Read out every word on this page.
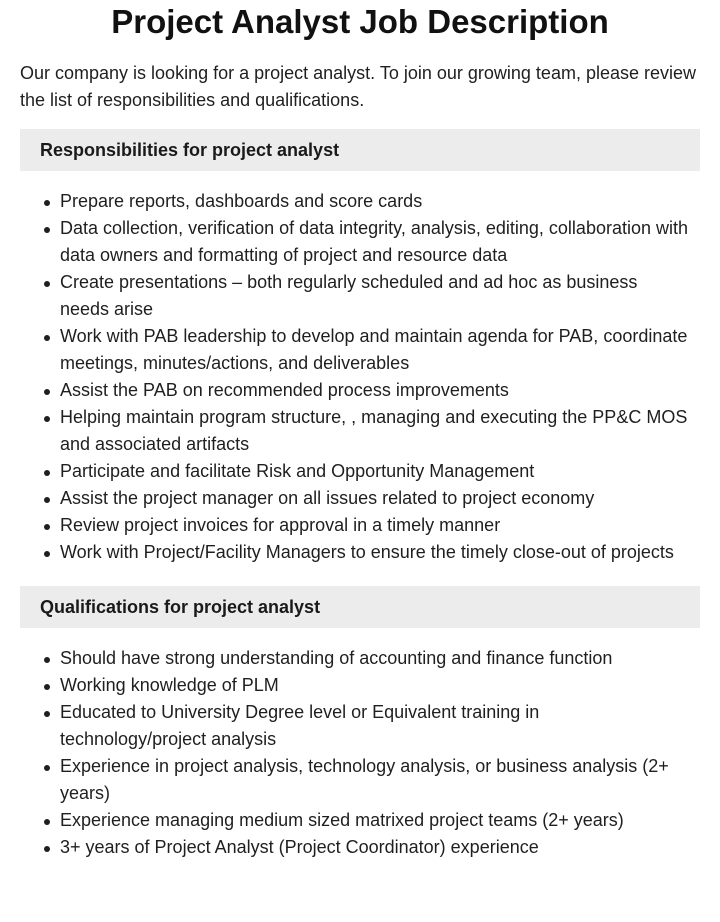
Project Analyst Job Description

Our company is looking for a project analyst. To join our growing team, please review the list of responsibilities and qualifications.

Responsibilities for project analyst
Prepare reports, dashboards and score cards
Data collection, verification of data integrity, analysis, editing, collaboration with data owners and formatting of project and resource data
Create presentations – both regularly scheduled and ad hoc as business needs arise
Work with PAB leadership to develop and maintain agenda for PAB, coordinate meetings, minutes/actions, and deliverables
Assist the PAB on recommended process improvements
Helping maintain program structure, , managing and executing the PP&C MOS and associated artifacts
Participate and facilitate Risk and Opportunity Management
Assist the project manager on all issues related to project economy
Review project invoices for approval in a timely manner
Work with Project/Facility Managers to ensure the timely close-out of projects
Qualifications for project analyst
Should have strong understanding of accounting and finance function
Working knowledge of PLM
Educated to University Degree level or Equivalent training in technology/project analysis
Experience in project analysis, technology analysis, or business analysis (2+ years)
Experience managing medium sized matrixed project teams (2+ years)
3+ years of Project Analyst (Project Coordinator) experience
